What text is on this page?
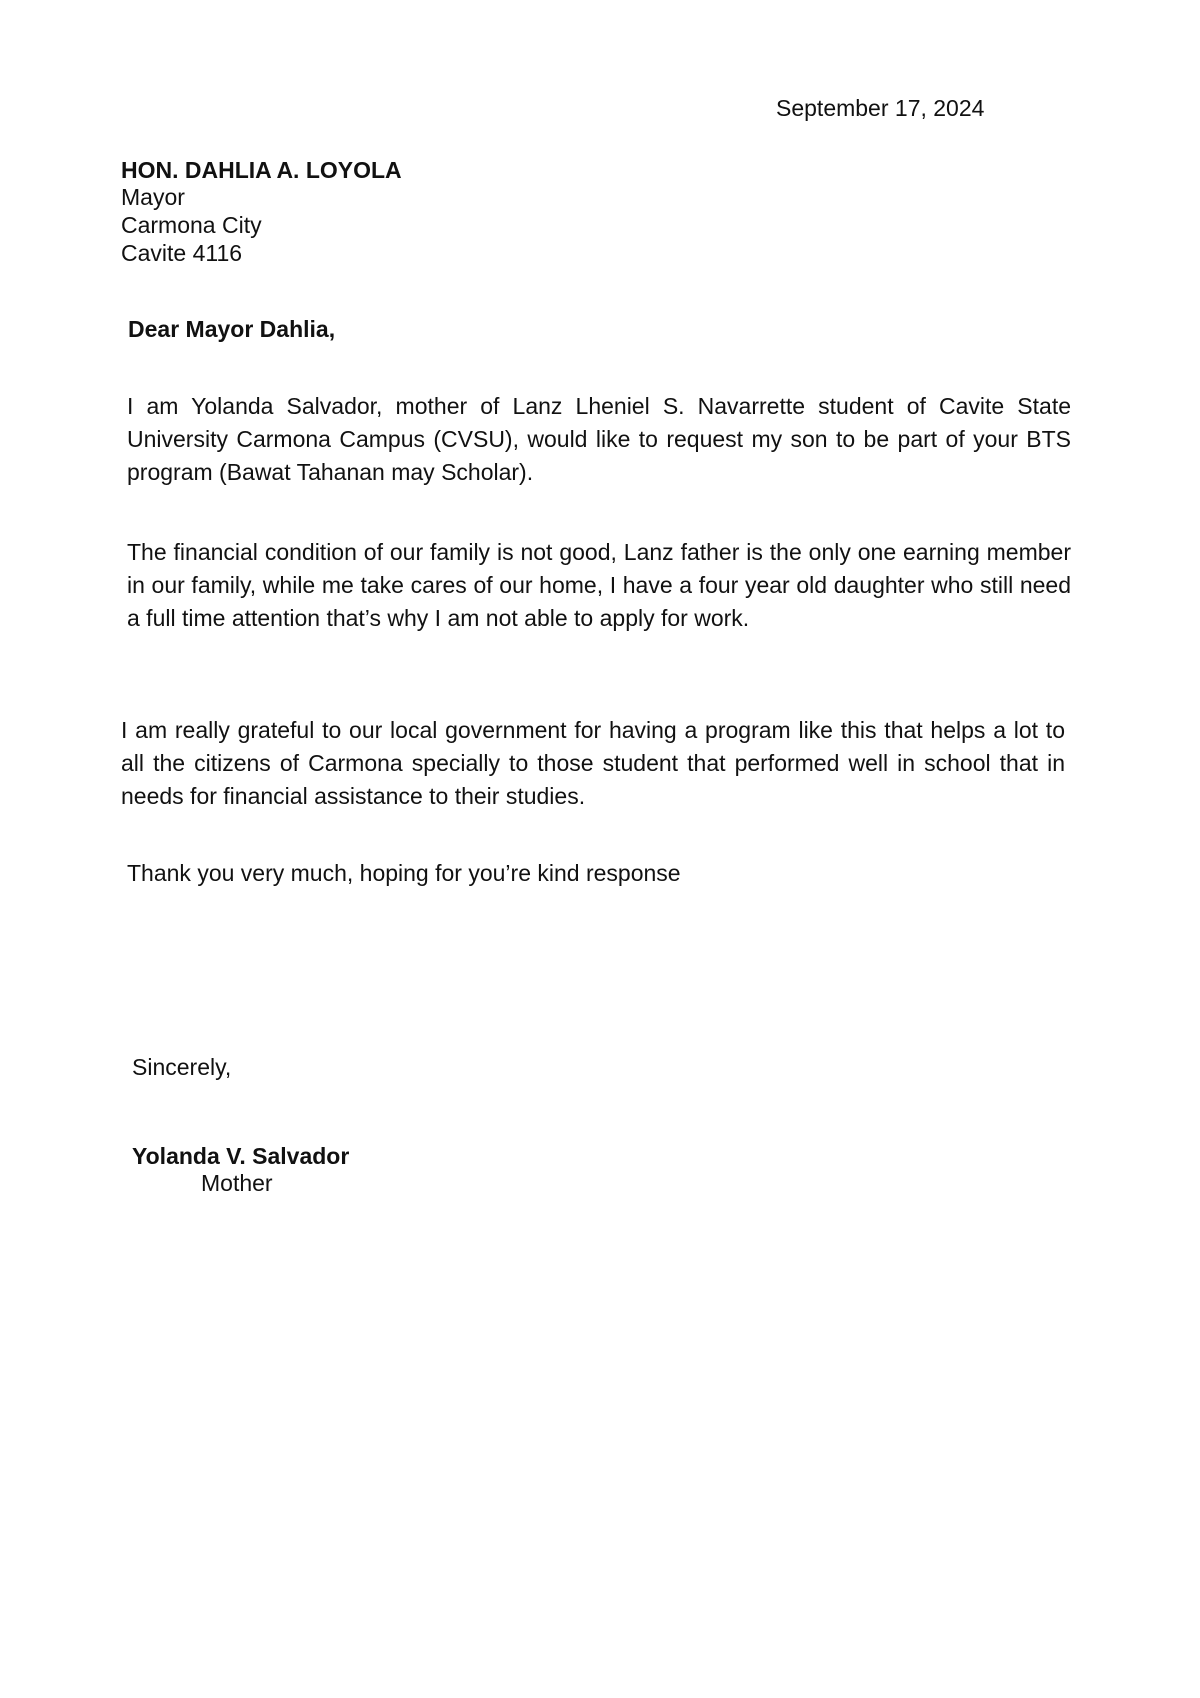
September 17, 2024

HON. DAHLIA A. LOYOLA

Mayor

Carmona City

Cavite 4116

Dear Mayor Dahlia,

I am Yolanda Salvador, mother of Lanz Lheniel S. Navarrette student of Cavite State University Carmona Campus (CVSU), would like to request my son to be part of your BTS program (Bawat Tahanan may Scholar).

The financial condition of our family is not good, Lanz father is the only one earning member in our family, while me take cares of our home, I have a four year old daughter who still need a full time attention that’s why I am not able to apply for work.

I am really grateful to our local government for having a program like this that helps a lot to all the citizens of Carmona specially to those student that performed well in school that in needs for financial assistance to their studies.

Thank you very much, hoping for you’re kind response

Sincerely,

Yolanda V. Salvador

Mother
